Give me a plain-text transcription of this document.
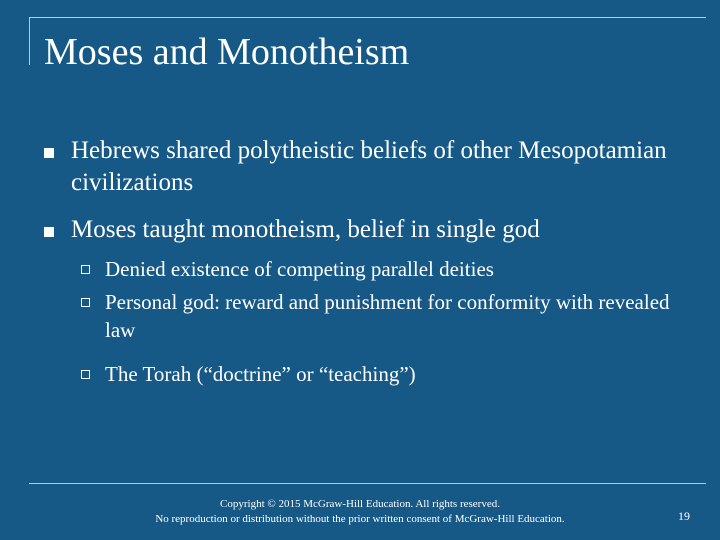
Moses and Monotheism
Hebrews shared polytheistic beliefs of other Mesopotamian civilizations
Moses taught monotheism, belief in single god
Denied existence of competing parallel deities
Personal god: reward and punishment for conformity with revealed law
The Torah (“doctrine” or “teaching”)
Copyright © 2015 McGraw-Hill Education. All rights reserved.
No reproduction or distribution without the prior written consent of McGraw-Hill Education.	19
